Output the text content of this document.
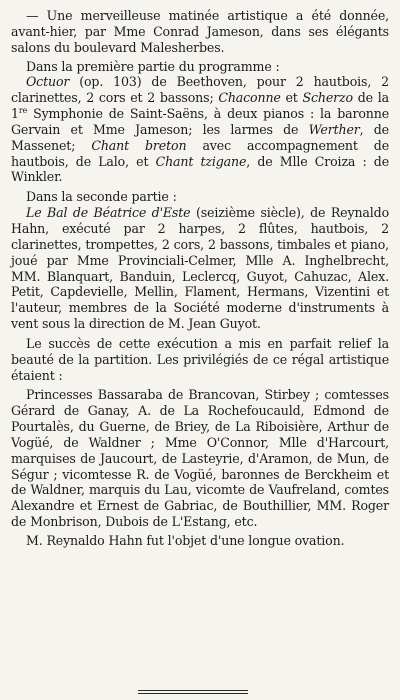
— Une merveilleuse matinée artistique a été donnée, avant-hier, par Mme Conrad Jameson, dans ses élégants salons du boulevard Malesherbes.

Dans la première partie du programme :

Octuor (op. 103) de Beethoven, pour 2 hautbois, 2 clarinettes, 2 cors et 2 bassons; Chaconne et Scherzo de la 1re Symphonie de Saint-Saëns, à deux pianos : la baronne Gervain et Mme Jameson; les larmes de Werther, de Massenet; Chant breton avec accompagnement de hautbois, de Lalo, et Chant tzigane, de Mlle Croiza : de Winkler.

Dans la seconde partie :

Le Bal de Béatrice d'Este (seizième siècle), de Reynaldo Hahn, exécuté par 2 harpes, 2 flûtes, hautbois, 2 clarinettes, trompettes, 2 cors, 2 bassons, timbales et piano, joué par Mme Provinciali-Celmer, Mlle A. Inghelbrecht, MM. Blanquart, Banduin, Leclercq, Guyot, Cahuzac, Alex. Petit, Capdevielle, Mellin, Flament, Hermans, Vizentini et l'auteur, membres de la Société moderne d'instruments à vent sous la direction de M. Jean Guyot.

Le succès de cette exécution a mis en parfait relief la beauté de la partition. Les privilégiés de ce régal artistique étaient :

Princesses Bassaraba de Brancovan, Stirbey ; comtesses Gérard de Ganay, A. de La Rochefoucauld, Edmond de Pourtalès, du Guerne, de Briey, de La Riboisière, Arthur de Vogüé, de Waldner ; Mme O'Connor, Mlle d'Harcourt, marquises de Jaucourt, de Lasteyrie, d'Aramon, de Mun, de Ségur ; vicomtesse R. de Vogüé, baronnes de Berckheim et de Waldner, marquis du Lau, vicomte de Vaufreland, comtes Alexandre et Ernest de Gabriac, de Bouthillier, MM. Roger de Monbrison, Dubois de L'Estang, etc.

M. Reynaldo Hahn fut l'objet d'une longue ovation.
